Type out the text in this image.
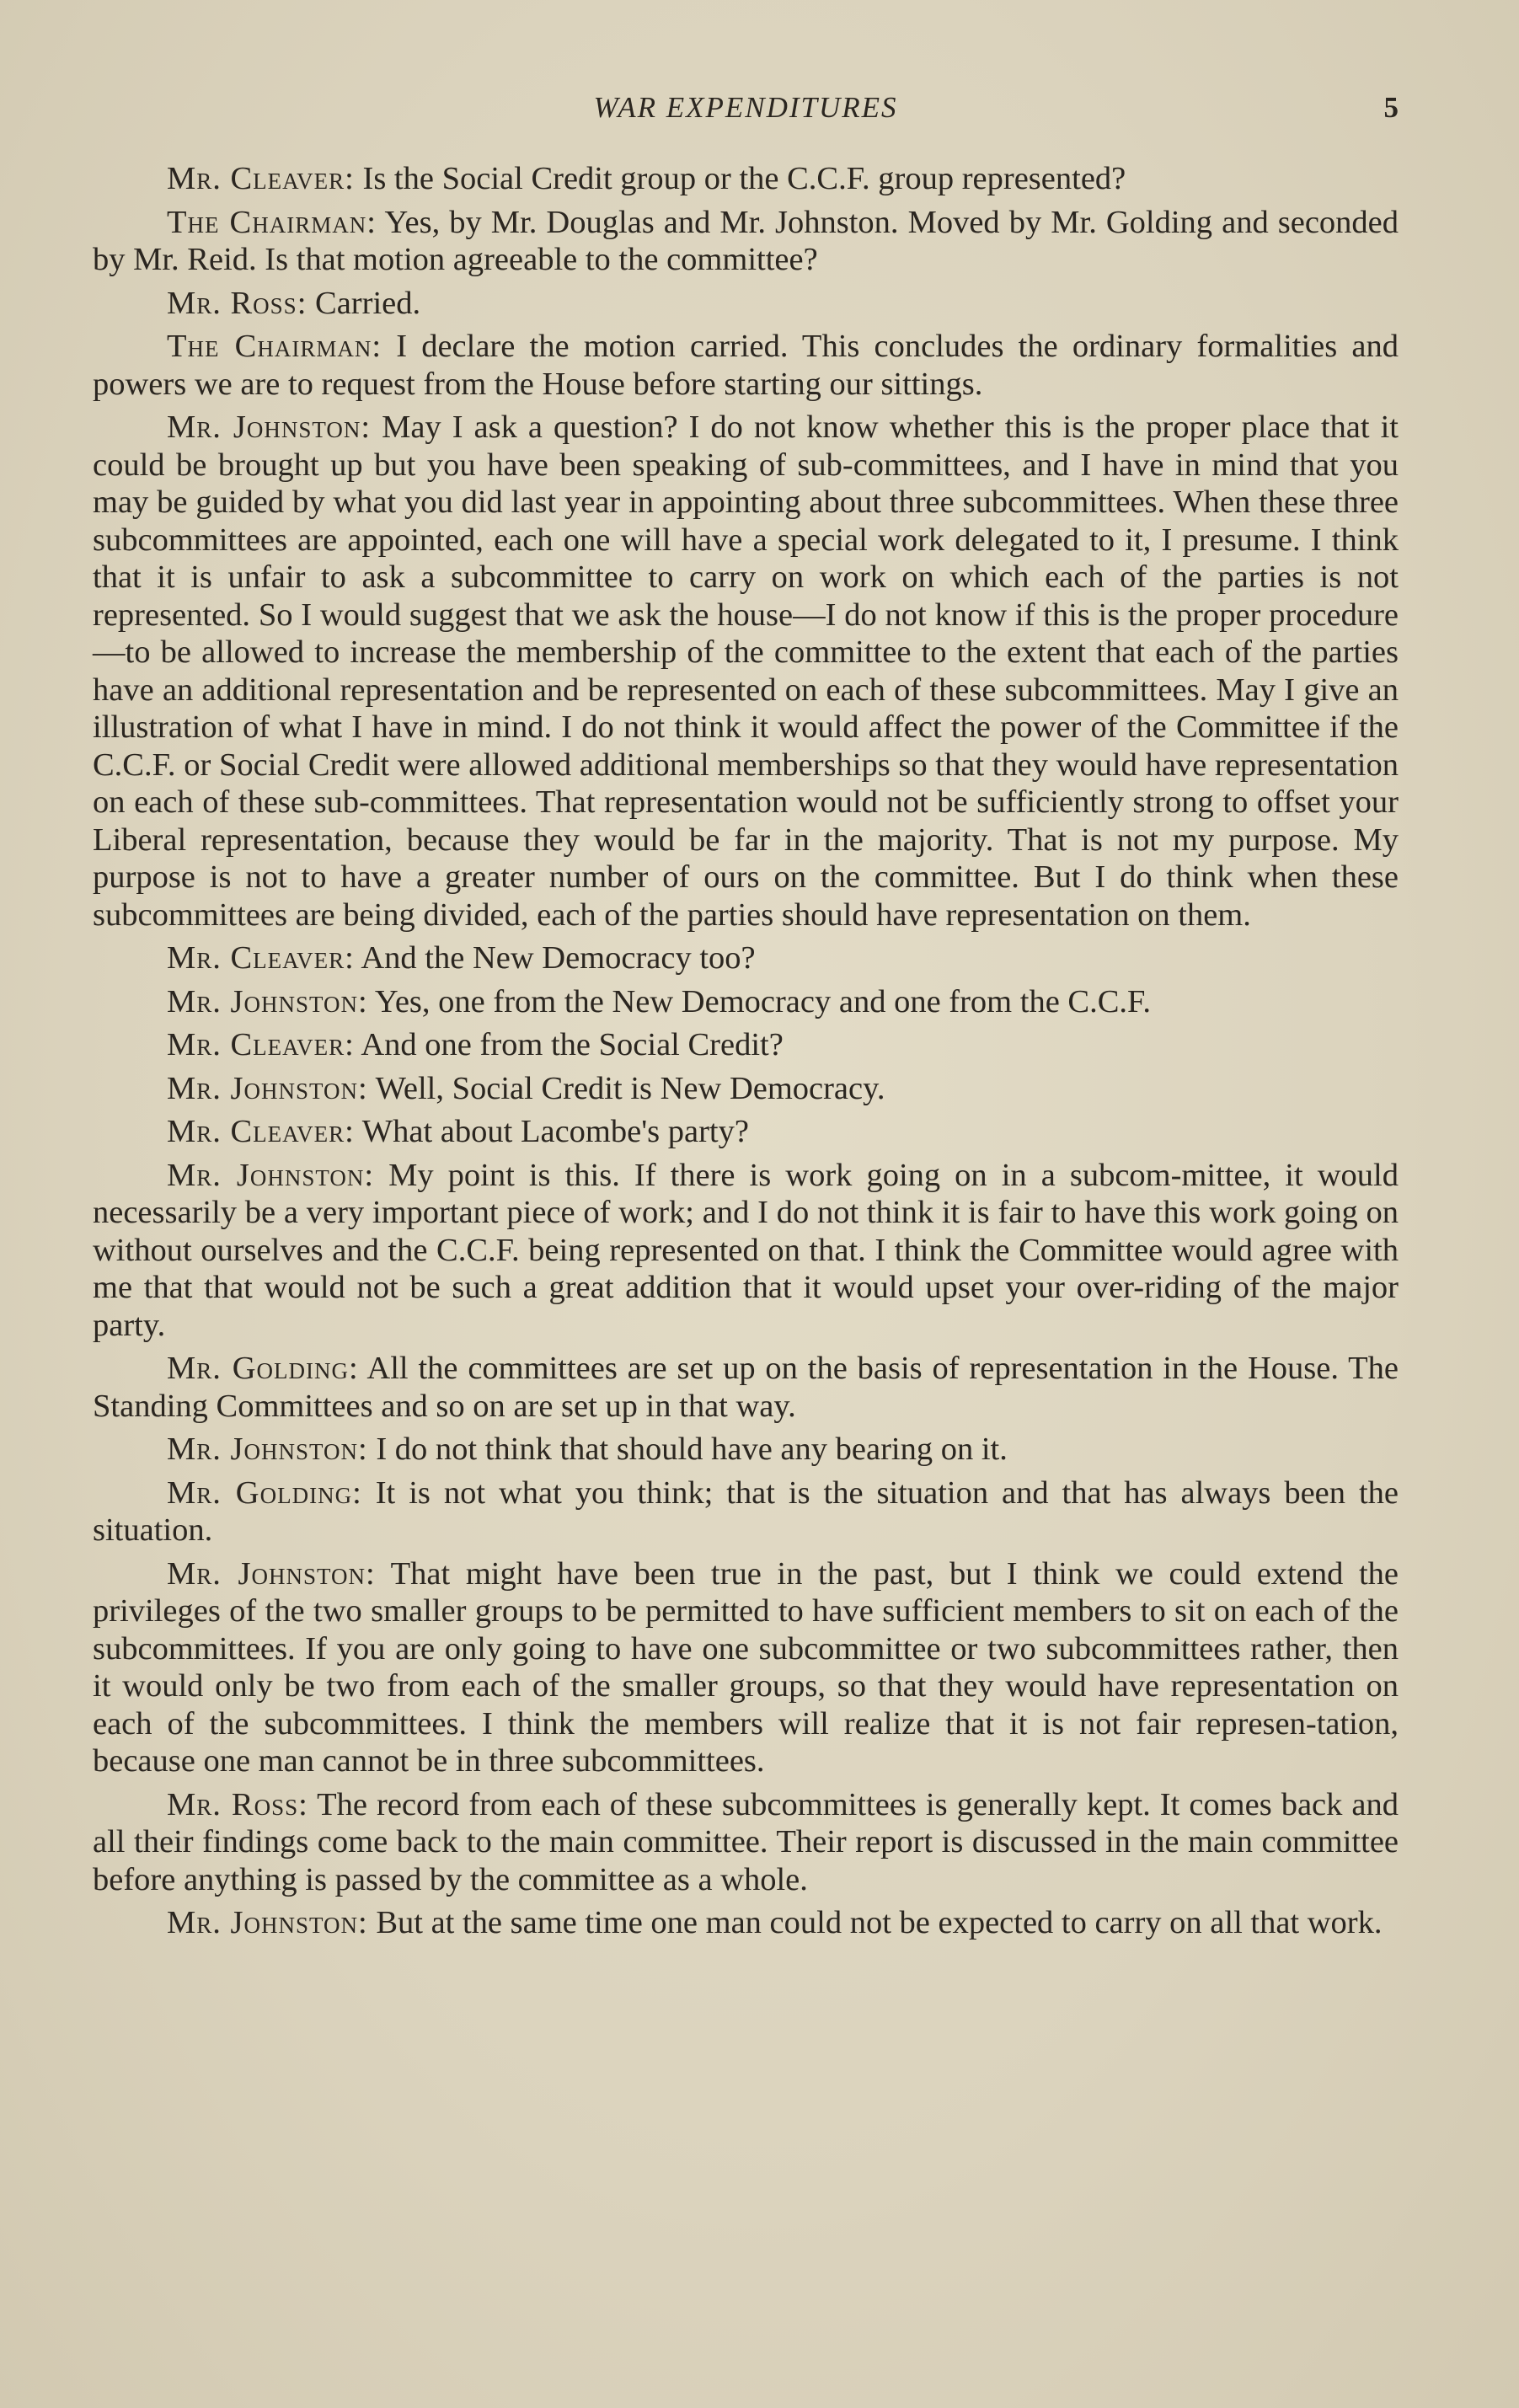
WAR EXPENDITURES	5

Mr. Cleaver: Is the Social Credit group or the C.C.F. group represented?

The Chairman: Yes, by Mr. Douglas and Mr. Johnston. Moved by Mr. Golding and seconded by Mr. Reid. Is that motion agreeable to the committee?

Mr. Ross: Carried.

The Chairman: I declare the motion carried. This concludes the ordinary formalities and powers we are to request from the House before starting our sittings.

Mr. Johnston: May I ask a question? I do not know whether this is the proper place that it could be brought up but you have been speaking of sub-committees, and I have in mind that you may be guided by what you did last year in appointing about three subcommittees. When these three subcommittees are appointed, each one will have a special work delegated to it, I presume. I think that it is unfair to ask a subcommittee to carry on work on which each of the parties is not represented. So I would suggest that we ask the house—I do not know if this is the proper procedure—to be allowed to increase the membership of the committee to the extent that each of the parties have an additional representation and be represented on each of these subcommittees. May I give an illustration of what I have in mind. I do not think it would affect the power of the Committee if the C.C.F. or Social Credit were allowed additional memberships so that they would have representation on each of these sub-committees. That representation would not be sufficiently strong to offset your Liberal representation, because they would be far in the majority. That is not my purpose. My purpose is not to have a greater number of ours on the committee. But I do think when these subcommittees are being divided, each of the parties should have representation on them.

Mr. Cleaver: And the New Democracy too?

Mr. Johnston: Yes, one from the New Democracy and one from the C.C.F.

Mr. Cleaver: And one from the Social Credit?

Mr. Johnston: Well, Social Credit is New Democracy.

Mr. Cleaver: What about Lacombe's party?

Mr. Johnston: My point is this. If there is work going on in a subcom-mittee, it would necessarily be a very important piece of work; and I do not think it is fair to have this work going on without ourselves and the C.C.F. being represented on that. I think the Committee would agree with me that that would not be such a great addition that it would upset your over-riding of the major party.

Mr. Golding: All the committees are set up on the basis of representation in the House. The Standing Committees and so on are set up in that way.

Mr. Johnston: I do not think that should have any bearing on it.

Mr. Golding: It is not what you think; that is the situation and that has always been the situation.

Mr. Johnston: That might have been true in the past, but I think we could extend the privileges of the two smaller groups to be permitted to have sufficient members to sit on each of the subcommittees. If you are only going to have one subcommittee or two subcommittees rather, then it would only be two from each of the smaller groups, so that they would have representation on each of the subcommittees. I think the members will realize that it is not fair represen-tation, because one man cannot be in three subcommittees.

Mr. Ross: The record from each of these subcommittees is generally kept. It comes back and all their findings come back to the main committee. Their report is discussed in the main committee before anything is passed by the committee as a whole.

Mr. Johnston: But at the same time one man could not be expected to carry on all that work.
